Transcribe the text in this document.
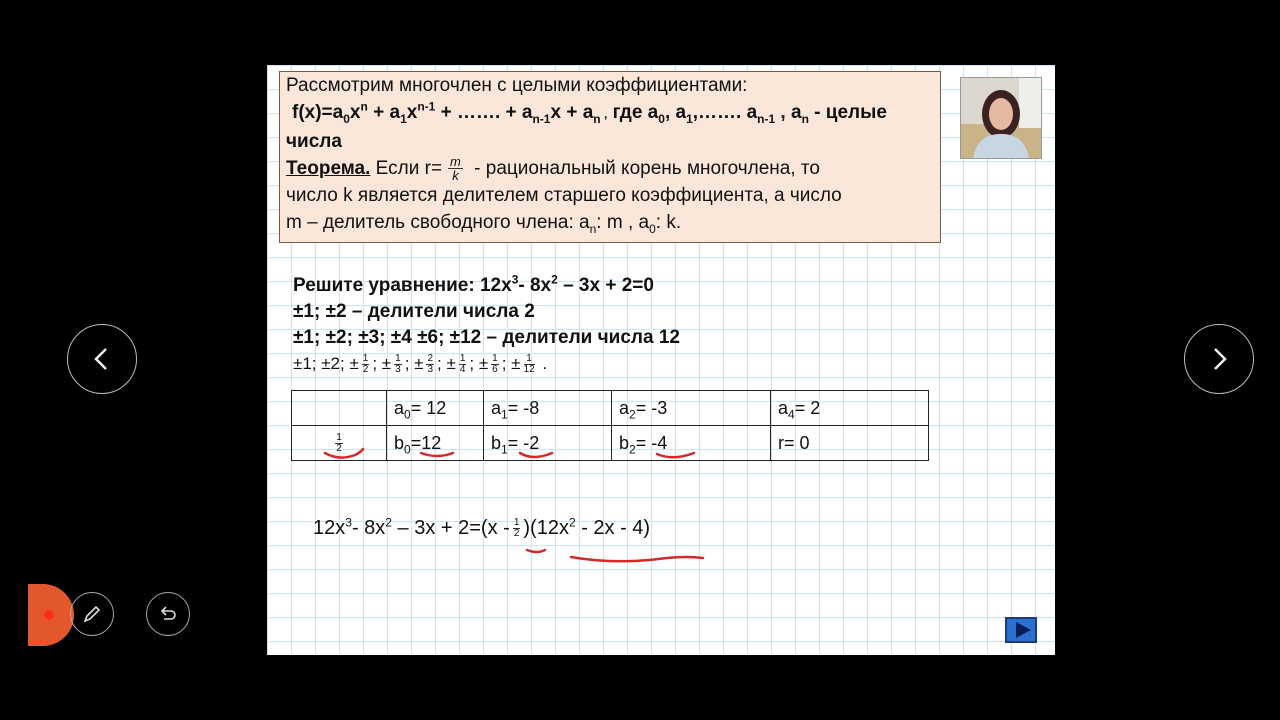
Рассмотрим многочлен с целыми коэффициентами:
$f(x)=a_0x^n + a_1x^{n-1}$ + ……. + $a_{n-1}x + a_n$ , где $a_0$, $a_1,\dots\dots$. $a_{n-1}$ , $a_n$ - целые
числа
Теорема. Если $r= \frac{m}{k}$ - рациональный корень многочлена, то
число k является делителем старшего коэффициента, а число
m – делитель свободного члена: $a_n$: m , $a_0$: k.
Решите уравнение: $12x^3-$ $8x^2 - 3x + 2=0$
±1; ±2 – делители числа 2
±1; ±2; ±3; ±4 ±6; ±12 – делители числа 12
±1; ±2; ± $\frac{1}{2}$ ; ± $\frac{1}{3}$ ; ± $\frac{2}{3}$ ; ± $\frac{1}{4}$ ; ± $\frac{1}{6}$ ; ± $\frac{1}{12}$ .
	$a_0= 12$	$a_1= -8$	$a_2= -3$	$a_4= 2$

$\frac{1}{2}$	$b_0=12$	$b_1= -2$	$b_2= -4$	r= 0
$12x^3-$ $8x^2 - 3x + 2=(x - \frac{1}{2} )(12x^2 - 2x - 4)$
